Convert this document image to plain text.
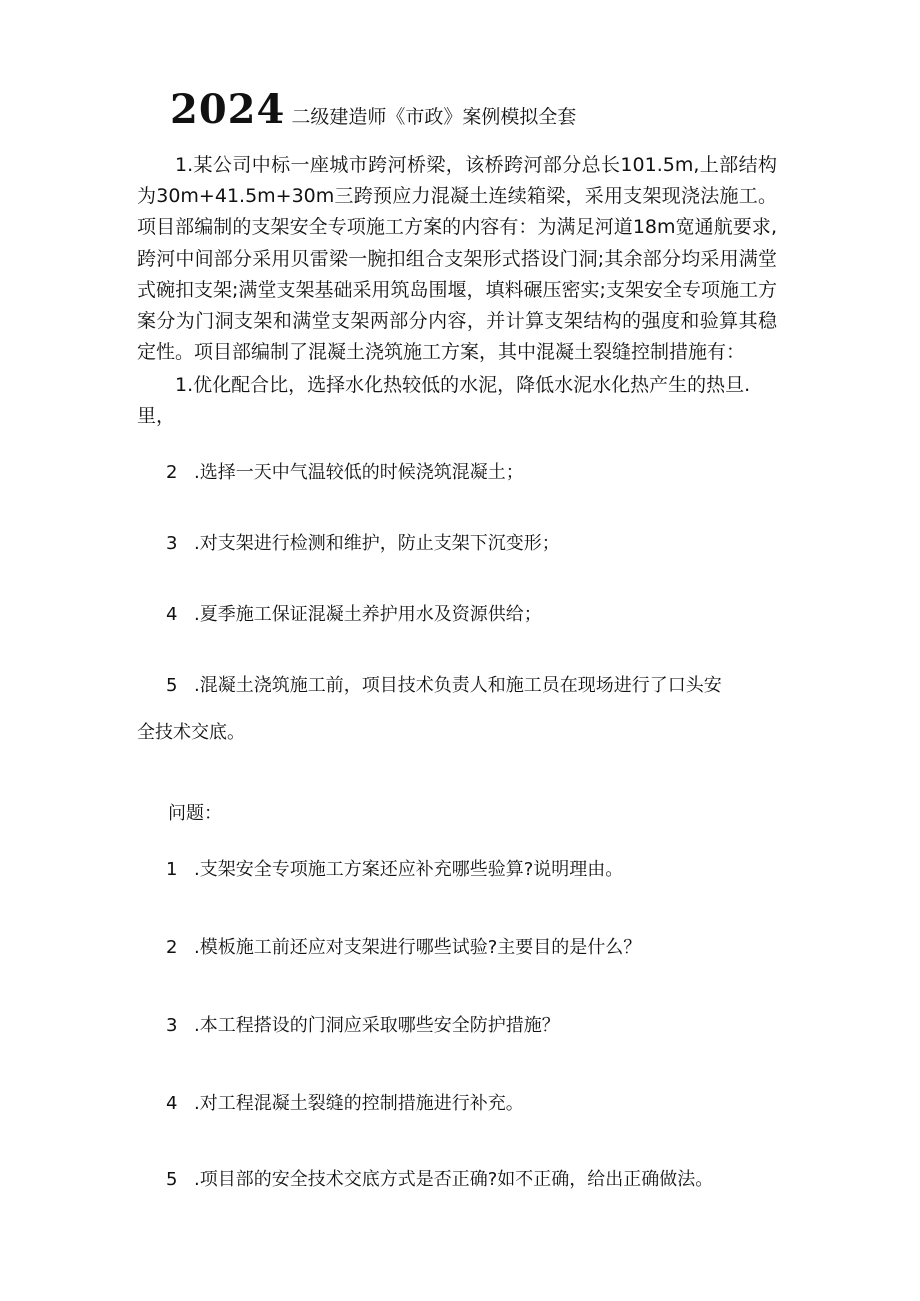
2024 二级建造师《市政》案例模拟全套

1.某公司中标一座城市跨河桥梁，该桥跨河部分总长101.5m,上部结构为30m+41.5m+30m三跨预应力混凝土连续箱梁，采用支架现浇法施工。项目部编制的支架安全专项施工方案的内容有：为满足河道18m宽通航要求,跨河中间部分采用贝雷梁一腕扣组合支架形式搭设门洞;其余部分均采用满堂式碗扣支架;满堂支架基础采用筑岛围堰，填料碾压密实;支架安全专项施工方案分为门洞支架和满堂支架两部分内容，并计算支架结构的强度和验算其稳定性。项目部编制了混凝土浇筑施工方案，其中混凝土裂缝控制措施有：

1.优化配合比，选择水化热较低的水泥，降低水泥水化热产生的热旦.里，

2 .选择一天中气温较低的时候浇筑混凝土；

3 .对支架进行检测和维护，防止支架下沉变形；

4 .夏季施工保证混凝土养护用水及资源供给；

5 .混凝土浇筑施工前，项目技术负责人和施工员在现场进行了口头安

全技术交底。

问题：

1 .支架安全专项施工方案还应补充哪些验算?说明理由。

2 .模板施工前还应对支架进行哪些试验?主要目的是什么？

3 .本工程搭设的门洞应采取哪些安全防护措施？

4 .对工程混凝土裂缝的控制措施进行补充。

5 .项目部的安全技术交底方式是否正确?如不正确，给出正确做法。
